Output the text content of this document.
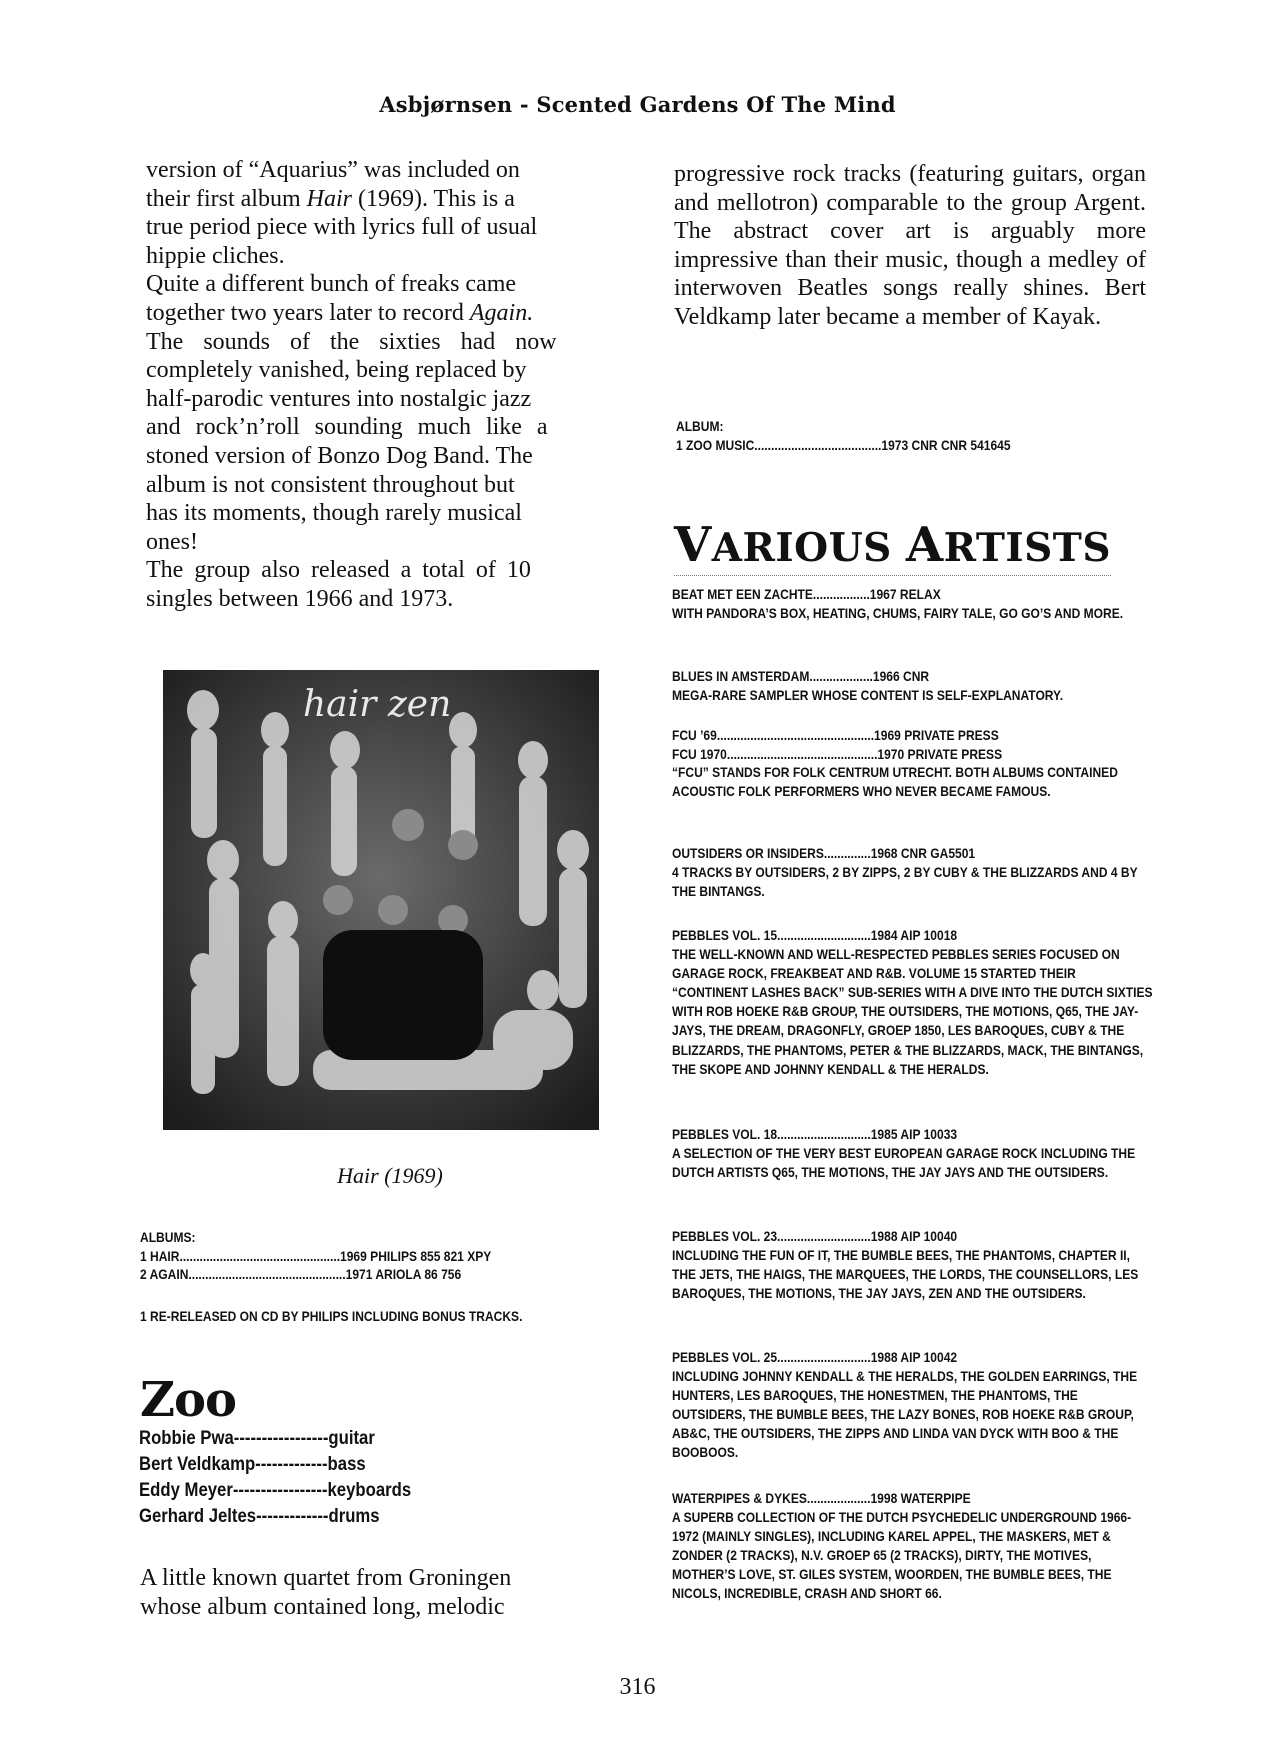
Asbjørnsen - Scented Gardens Of The Mind

version of “Aquarius” was included on

their first album Hair (1969). This is a

true period piece with lyrics full of usual

hippie cliches.

Quite a different bunch of freaks came

together two years later to record Again.

The sounds of the sixties had now

completely vanished, being replaced by

half-parodic ventures into nostalgic jazz

and rock’n’roll sounding much like a

stoned version of Bonzo Dog Band. The

album is not consistent throughout but

has its moments, though rarely musical

ones!

The group also released a total of 10

singles between 1966 and 1973.

hair zen
Hair (1969)
ALBUMS:
1 HAIR................................................1969 PHILIPS 855 821 XPY
2 AGAIN...............................................1971 ARIOLA 86 756
1 RE-RELEASED ON CD BY PHILIPS INCLUDING BONUS TRACKS.
Zoo
Robbie Pwa-----------------guitar
Bert Veldkamp-------------bass
Eddy Meyer-----------------keyboards
Gerhard Jeltes-------------drums

A little known quartet from Groningen

whose album contained long, melodic

progressive rock tracks (featuring guitars, organ and mellotron) comparable to the group Argent. The abstract cover art is arguably more impressive than their music, though a medley of interwoven Beatles songs really shines. Bert Veldkamp later became a member of Kayak.

ALBUM:
1 ZOO MUSIC......................................1973 CNR CNR 541645
VARIOUS ARTISTS
BEAT MET EEN ZACHTE.................1967 RELAX
WITH PANDORA’S BOX, HEATING, CHUMS, FAIRY TALE, GO GO’S AND MORE.
BLUES IN AMSTERDAM...................1966 CNR
MEGA-RARE SAMPLER WHOSE CONTENT IS SELF-EXPLANATORY.
FCU ’69...............................................1969 PRIVATE PRESS
FCU 1970.............................................1970 PRIVATE PRESS
“FCU” STANDS FOR FOLK CENTRUM UTRECHT. BOTH ALBUMS CONTAINED ACOUSTIC FOLK PERFORMERS WHO NEVER BECAME FAMOUS.
OUTSIDERS OR INSIDERS..............1968 CNR GA5501
4 TRACKS BY OUTSIDERS, 2 BY ZIPPS, 2 BY CUBY & THE BLIZZARDS AND 4 BY THE BINTANGS.
PEBBLES VOL. 15............................1984 AIP 10018
THE WELL-KNOWN AND WELL-RESPECTED PEBBLES SERIES FOCUSED ON GARAGE ROCK, FREAKBEAT AND R&B. VOLUME 15 STARTED THEIR “CONTINENT LASHES BACK” SUB-SERIES WITH A DIVE INTO THE DUTCH SIXTIES WITH ROB HOEKE R&B GROUP, THE OUTSIDERS, THE MOTIONS, Q65, THE JAY-JAYS, THE DREAM, DRAGONFLY, GROEP 1850, LES BAROQUES, CUBY & THE BLIZZARDS, THE PHANTOMS, PETER & THE BLIZZARDS, MACK, THE BINTANGS, THE SKOPE AND JOHNNY KENDALL & THE HERALDS.
PEBBLES VOL. 18............................1985 AIP 10033
A SELECTION OF THE VERY BEST EUROPEAN GARAGE ROCK INCLUDING THE DUTCH ARTISTS Q65, THE MOTIONS, THE JAY JAYS AND THE OUTSIDERS.
PEBBLES VOL. 23............................1988 AIP 10040
INCLUDING THE FUN OF IT, THE BUMBLE BEES, THE PHANTOMS, CHAPTER II, THE JETS, THE HAIGS, THE MARQUEES, THE LORDS, THE COUNSELLORS, LES BAROQUES, THE MOTIONS, THE JAY JAYS, ZEN AND THE OUTSIDERS.
PEBBLES VOL. 25............................1988 AIP 10042
INCLUDING JOHNNY KENDALL & THE HERALDS, THE GOLDEN EARRINGS, THE HUNTERS, LES BAROQUES, THE HONESTMEN, THE PHANTOMS, THE OUTSIDERS, THE BUMBLE BEES, THE LAZY BONES, ROB HOEKE R&B GROUP, AB&C, THE OUTSIDERS, THE ZIPPS AND LINDA VAN DYCK WITH BOO & THE BOOBOOS.
WATERPIPES & DYKES...................1998 WATERPIPE
A SUPERB COLLECTION OF THE DUTCH PSYCHEDELIC UNDERGROUND 1966-1972 (MAINLY SINGLES), INCLUDING KAREL APPEL, THE MASKERS, MET & ZONDER (2 TRACKS), N.V. GROEP 65 (2 TRACKS), DIRTY, THE MOTIVES, MOTHER’S LOVE, ST. GILES SYSTEM, WOORDEN, THE BUMBLE BEES, THE NICOLS, INCREDIBLE, CRASH AND SHORT 66.
316
